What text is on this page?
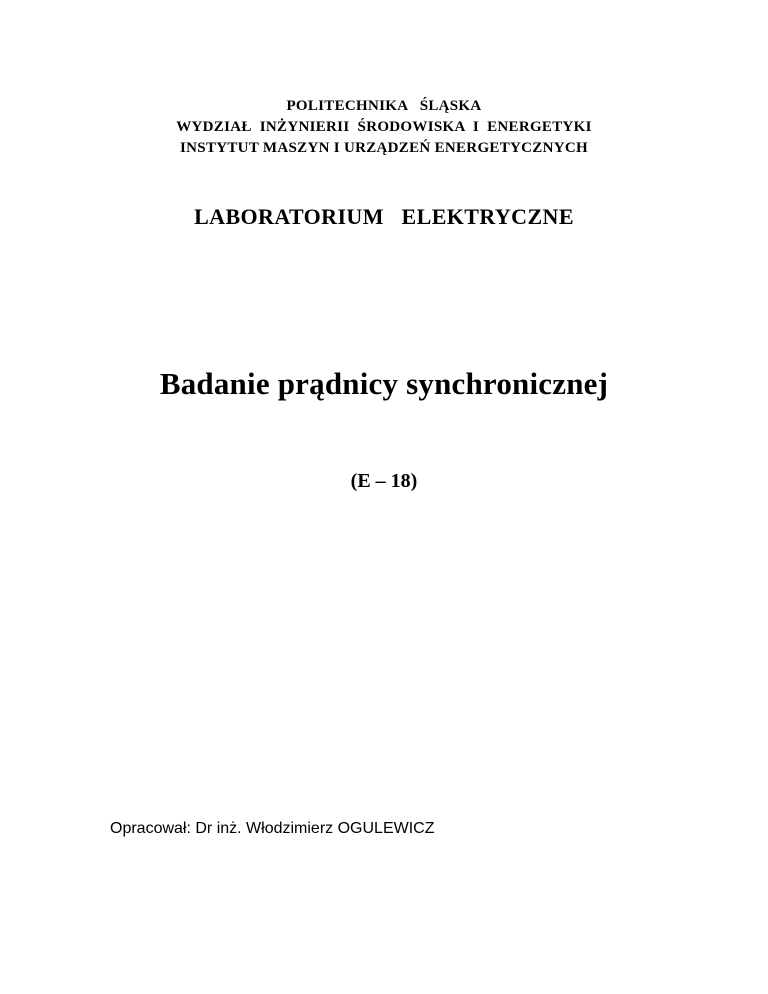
POLITECHNIKA   ŚLĄSKA
WYDZIAŁ  INŻYNIERII  ŚRODOWISKA  I  ENERGETYKI
INSTYTUT MASZYN I URZĄDZEŃ ENERGETYCZNYCH
LABORATORIUM   ELEKTRYCZNE
Badanie prądnicy synchronicznej
(E – 18)
Opracował: Dr inż. Włodzimierz OGULEWICZ
